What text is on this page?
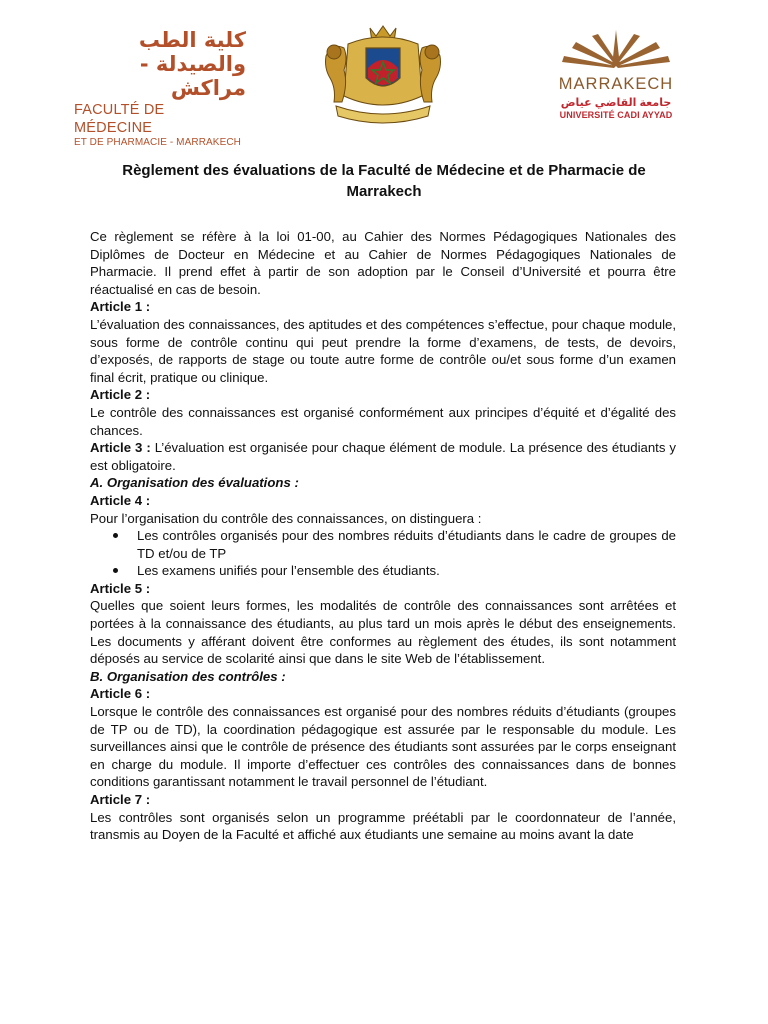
كلية الطب
والصيدلة - مراكش
FACULTÉ DE MÉDECINE
ET DE PHARMACIE - MARRAKECH
MARRAKECH
جامعة القاضي عياض
UNIVERSITÉ CADI AYYAD
Règlement des évaluations de la Faculté de Médecine et de Pharmacie de Marrakech

Ce règlement se réfère à la loi 01-00, au Cahier des Normes Pédagogiques Nationales des Diplômes de Docteur en Médecine et au Cahier de Normes Pédagogiques Nationales de Pharmacie. Il prend effet à partir de son adoption par le Conseil d’Université et pourra être réactualisé en cas de besoin.

Article 1 :

L’évaluation des connaissances, des aptitudes et des compétences s’effectue, pour chaque module, sous forme de contrôle continu qui peut prendre la forme d’examens, de tests, de devoirs, d’exposés, de rapports de stage ou toute autre forme de contrôle ou/et sous forme d’un examen final écrit, pratique ou clinique.

Article 2 :

Le contrôle des connaissances est organisé conformément aux principes d’équité et d’égalité des chances.

Article 3 : L’évaluation est organisée pour chaque élément de module. La présence des étudiants y est obligatoire.

A. Organisation des évaluations :

Article 4 :

Pour l’organisation du contrôle des connaissances, on distinguera :

Les contrôles organisés pour des nombres réduits d’étudiants dans le cadre de groupes de TD et/ou de TP
Les examens unifiés pour l’ensemble des étudiants.

Article 5 :

Quelles que soient leurs formes, les modalités de contrôle des connaissances sont arrêtées et portées à la connaissance des étudiants, au plus tard un mois après le début des enseignements. Les documents y afférant doivent être conformes au règlement des études, ils sont notamment déposés au service de scolarité ainsi que dans le site Web de l’établissement.

B. Organisation des contrôles :

Article 6 :

Lorsque le contrôle des connaissances est organisé pour des nombres réduits d’étudiants (groupes de TP ou de TD), la coordination pédagogique est assurée par le responsable du module. Les surveillances ainsi que le contrôle de présence des étudiants sont assurées par le corps enseignant en charge du module. Il importe d’effectuer ces contrôles des connaissances dans de bonnes conditions garantissant notamment le travail personnel de l’étudiant.

Article 7 :

Les contrôles sont organisés selon un programme préétabli par le coordonnateur de l’année, transmis au Doyen de la Faculté et affiché aux étudiants une semaine au moins avant la date
